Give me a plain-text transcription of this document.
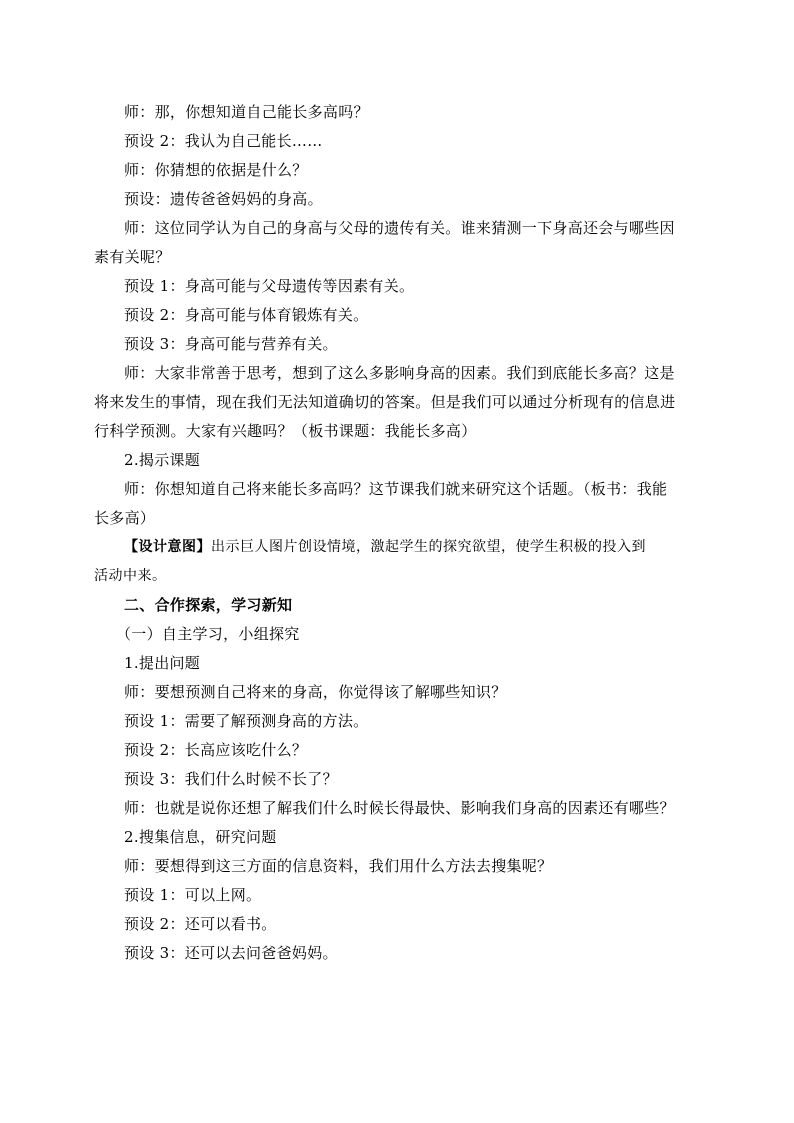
师：那，你想知道自己能长多高吗？
预设 2：我认为自己能长……
师：你猜想的依据是什么？
预设：遗传爸爸妈妈的身高。
师：这位同学认为自己的身高与父母的遗传有关。谁来猜测一下身高还会与哪些因
素有关呢？
预设 1：身高可能与父母遗传等因素有关。
预设 2：身高可能与体育锻炼有关。
预设 3：身高可能与营养有关。
师：大家非常善于思考，想到了这么多影响身高的因素。我们到底能长多高？这是
将来发生的事情，现在我们无法知道确切的答案。但是我们可以通过分析现有的信息进
行科学预测。大家有兴趣吗？（板书课题：我能长多高）
2.揭示课题
师：你想知道自己将来能长多高吗？这节课我们就来研究这个话题。（板书：我能
长多高）
【设计意图】出示巨人图片创设情境，激起学生的探究欲望，使学生积极的投入到
活动中来。
二、合作探索，学习新知
（一）自主学习，小组探究
1.提出问题
师：要想预测自己将来的身高，你觉得该了解哪些知识？
预设 1：需要了解预测身高的方法。
预设 2：长高应该吃什么？
预设 3：我们什么时候不长了？
师：也就是说你还想了解我们什么时候长得最快、影响我们身高的因素还有哪些？
2.搜集信息，研究问题
师：要想得到这三方面的信息资料，我们用什么方法去搜集呢？
预设 1：可以上网。
预设 2：还可以看书。
预设 3：还可以去问爸爸妈妈。
